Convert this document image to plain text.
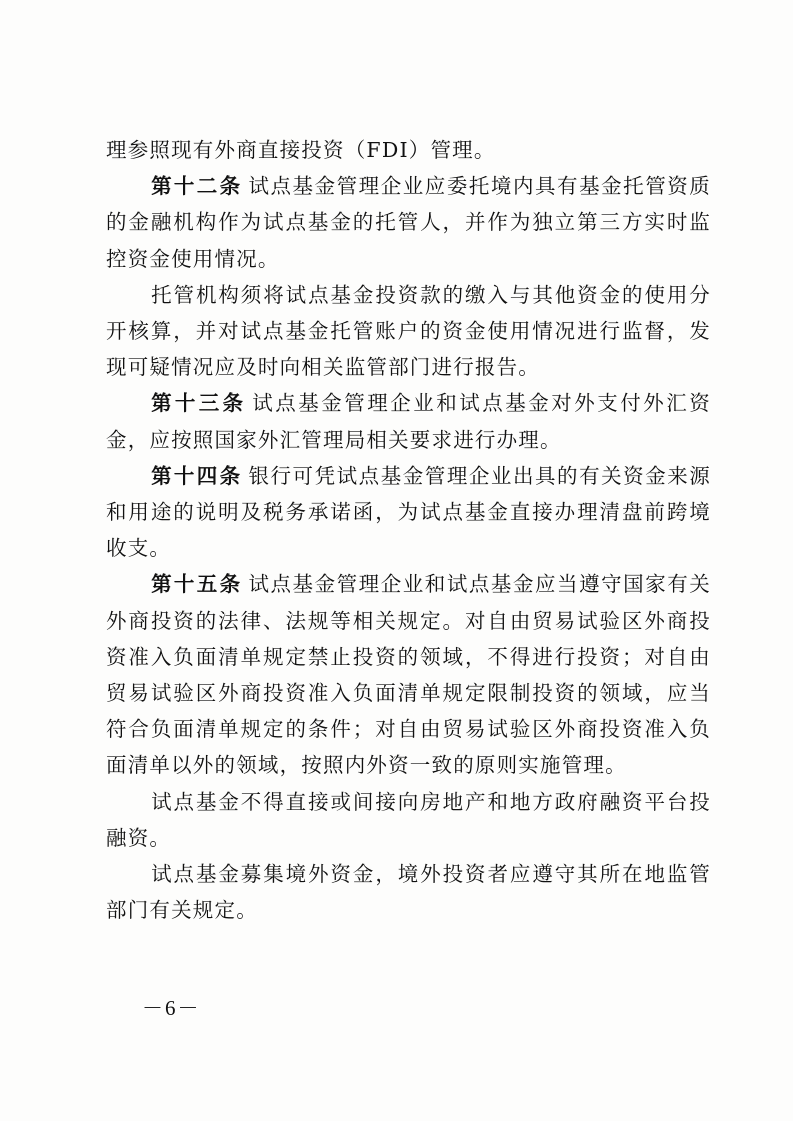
理参照现有外商直接投资（FDI）管理。

第十二条 试点基金管理企业应委托境内具有基金托管资质的金融机构作为试点基金的托管人，并作为独立第三方实时监控资金使用情况。

托管机构须将试点基金投资款的缴入与其他资金的使用分开核算，并对试点基金托管账户的资金使用情况进行监督，发现可疑情况应及时向相关监管部门进行报告。

第十三条 试点基金管理企业和试点基金对外支付外汇资金，应按照国家外汇管理局相关要求进行办理。

第十四条 银行可凭试点基金管理企业出具的有关资金来源和用途的说明及税务承诺函，为试点基金直接办理清盘前跨境收支。

第十五条 试点基金管理企业和试点基金应当遵守国家有关外商投资的法律、法规等相关规定。对自由贸易试验区外商投资准入负面清单规定禁止投资的领域，不得进行投资；对自由贸易试验区外商投资准入负面清单规定限制投资的领域，应当符合负面清单规定的条件；对自由贸易试验区外商投资准入负面清单以外的领域，按照内外资一致的原则实施管理。

试点基金不得直接或间接向房地产和地方政府融资平台投融资。

试点基金募集境外资金，境外投资者应遵守其所在地监管部门有关规定。

－6－
